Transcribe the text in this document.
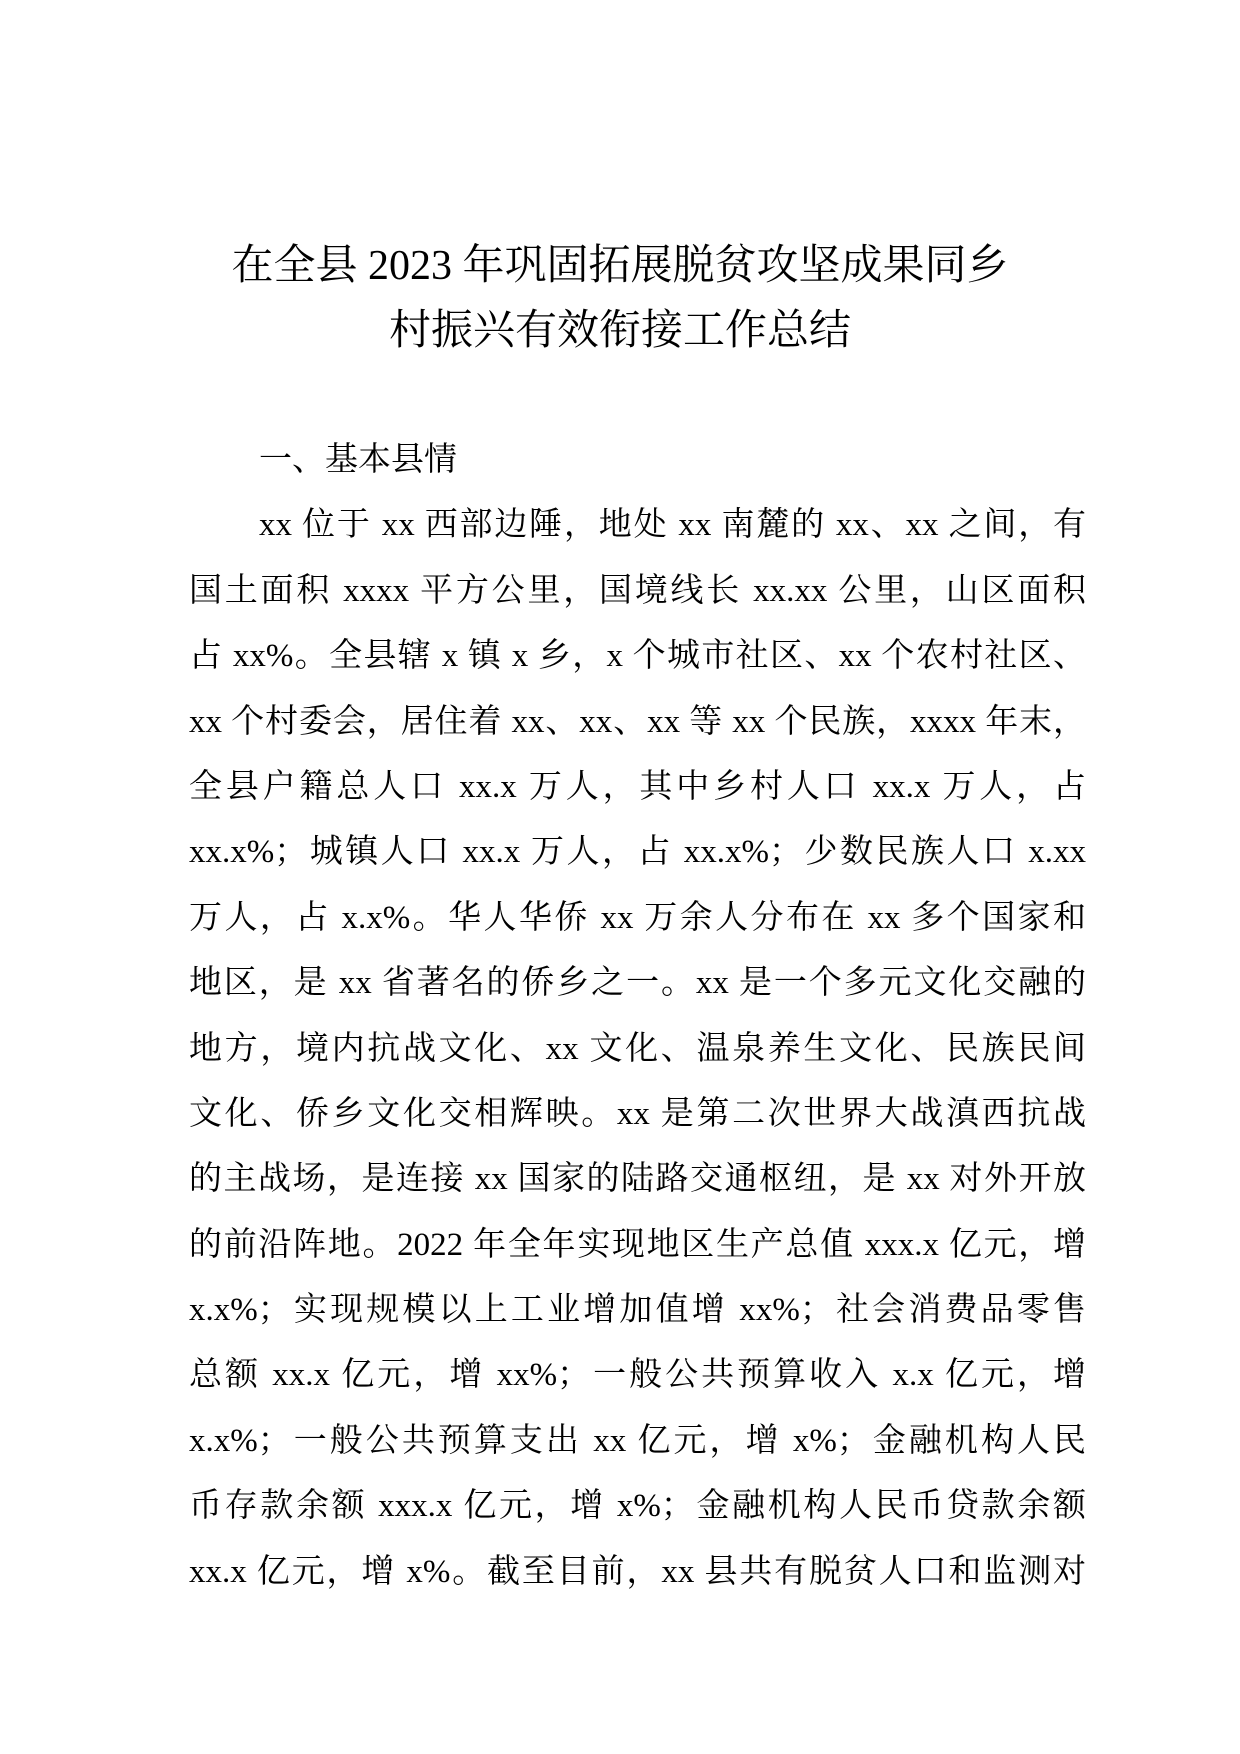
在全县 2023 年巩固拓展脱贫攻坚成果同乡
村振兴有效衔接工作总结
一、基本县情
xx 位于 xx 西部边陲，地处 xx 南麓的 xx、xx 之间，有
国土面积 xxxx 平方公里，国境线长 xx.xx 公里，山区面积
占 xx%。全县辖 x 镇 x 乡，x 个城市社区、xx 个农村社区、
xx 个村委会，居住着 xx、xx、xx 等 xx 个民族，xxxx 年末，
全县户籍总人口 xx.x 万人，其中乡村人口 xx.x 万人，占
xx.x%；城镇人口 xx.x 万人，占 xx.x%；少数民族人口 x.xx
万人，占 x.x%。华人华侨 xx 万余人分布在 xx 多个国家和
地区，是 xx 省著名的侨乡之一。xx 是一个多元文化交融的
地方，境内抗战文化、xx 文化、温泉养生文化、民族民间
文化、侨乡文化交相辉映。xx 是第二次世界大战滇西抗战
的主战场，是连接 xx 国家的陆路交通枢纽，是 xx 对外开放
的前沿阵地。2022 年全年实现地区生产总值 xxx.x 亿元，增
x.x%；实现规模以上工业增加值增 xx%；社会消费品零售
总额 xx.x 亿元，增 xx%；一般公共预算收入 x.x 亿元，增
x.x%；一般公共预算支出 xx 亿元，增 x%；金融机构人民
币存款余额 xxx.x 亿元，增 x%；金融机构人民币贷款余额
xx.x 亿元，增 x%。截至目前，xx 县共有脱贫人口和监测对
